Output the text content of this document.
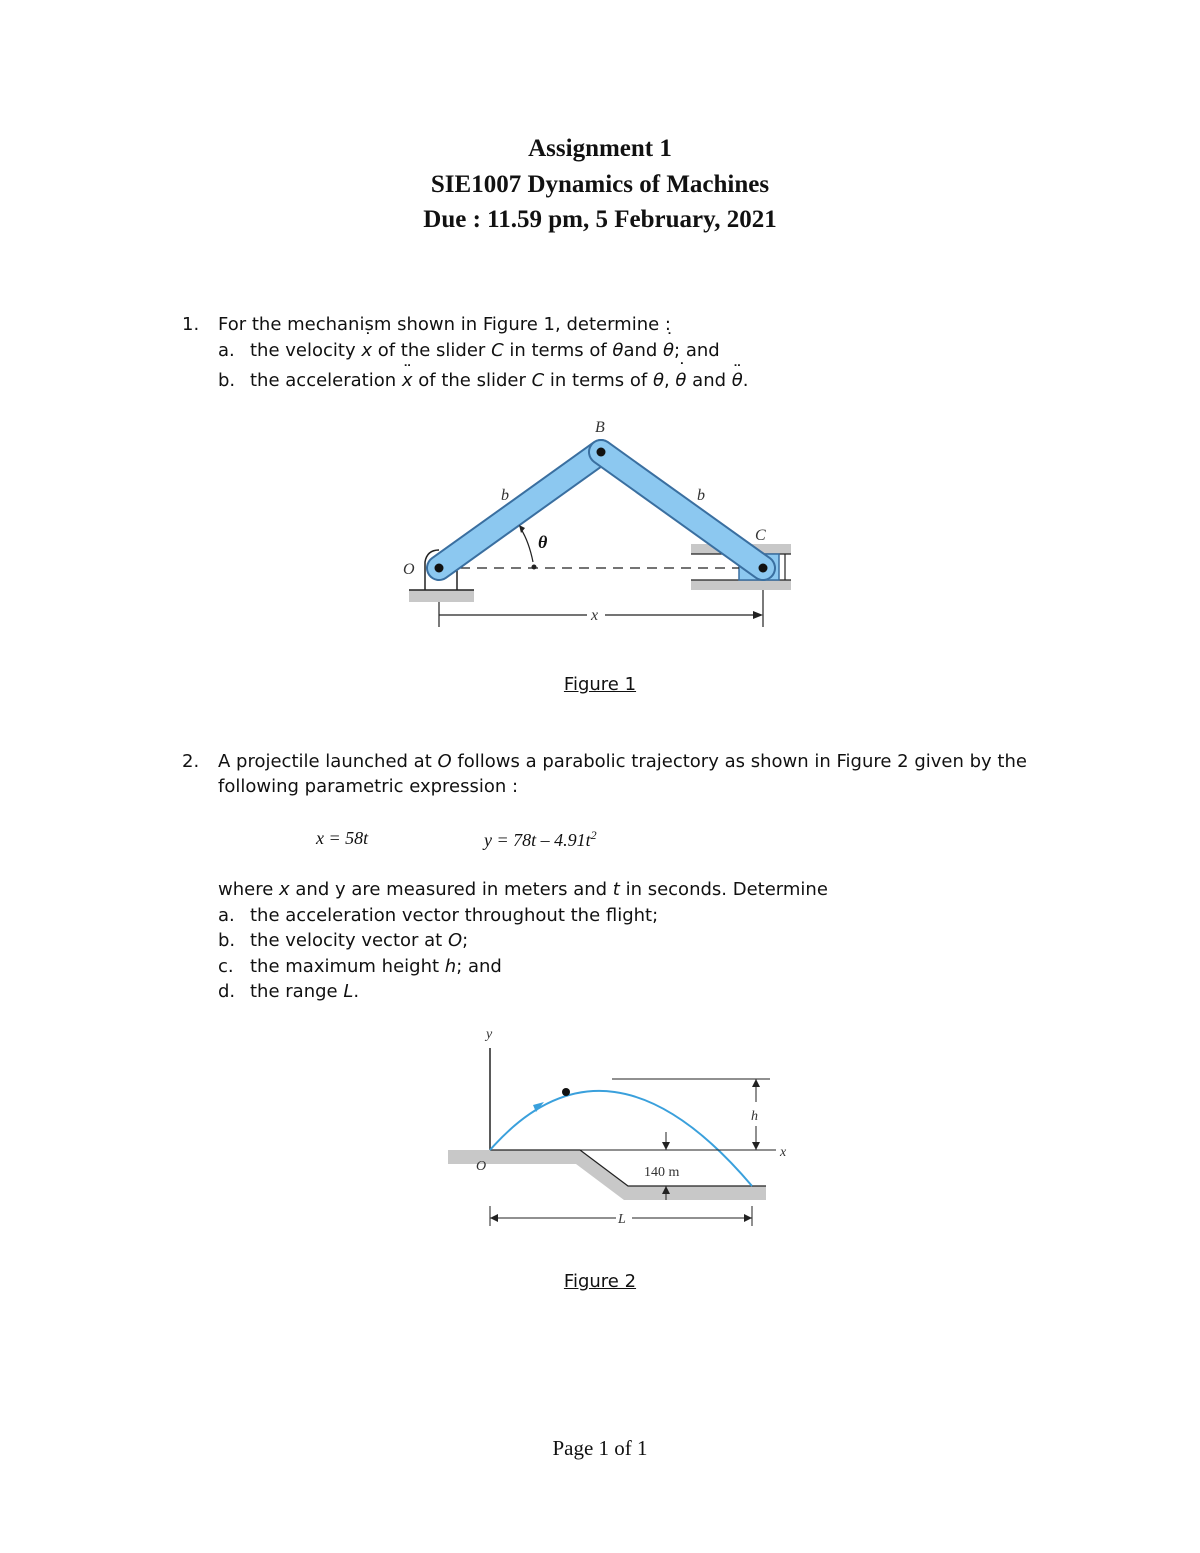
Assignment 1
SIE1007 Dynamics of Machines
Due : 11.59 pm, 5 February, 2021
1. For the mechanism shown in Figure 1, determine :
a. the velocity ˙ x of the slider C in terms of θand ˙ θ; and
b. the acceleration ¨ x of the slider C in terms of θ, ˙ θ and ¨ θ.
B
b	b
C
O
θ
x
Figure 1
2. A projectile launched at O follows a parabolic trajectory as shown in Figure 2 given by the
following parametric expression :
x = 58t	$y = 78t - 4.91t^2$
where x and y are measured in meters and t in seconds. Determine
a. the acceleration vector throughout the flight;
b. the velocity vector at O;
c. the maximum height h; and
d. the range L.
y
h
x
O	140 m
L
Figure 2
Page 1 of 1
